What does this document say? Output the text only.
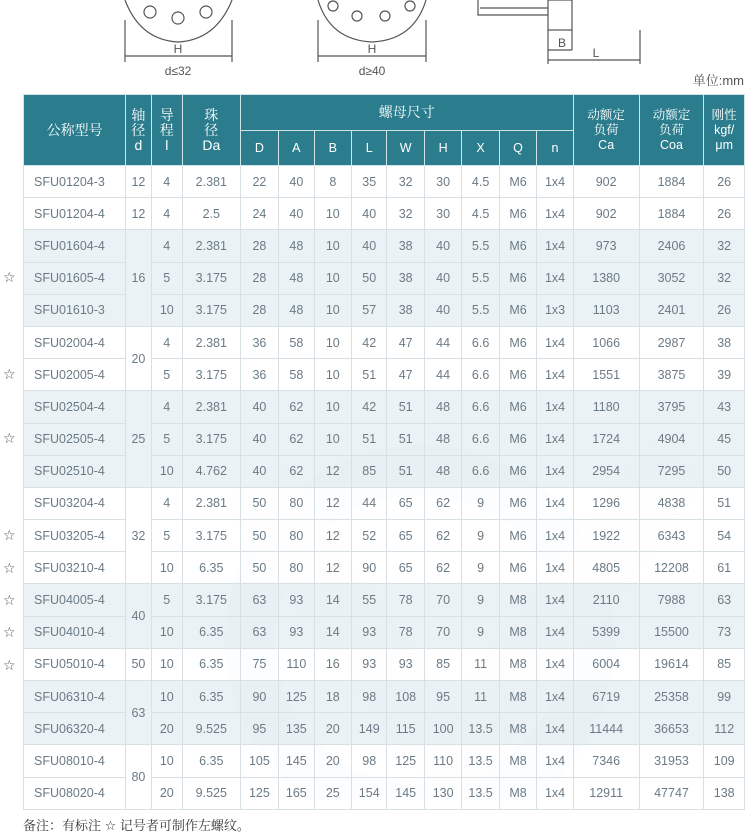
H
d≤32
H
d≥40
B
L
单位:mm
☆
☆
☆
☆
☆
☆
☆
☆
公称型号	轴
径
d	导
程
l	珠
径
Da	螺母尺寸									动额定
负荷
Ca	动额定
负荷
Coa	刚性
kgf/
μm
				D	A	B	L	W	H	X	Q	n			
SFU01204-3	12	4	2.381	22	40	8	35	32	30	4.5	M6	1x4	902	1884	26
SFU01204-4	12	4	2.5	24	40	10	40	32	30	4.5	M6	1x4	902	1884	26
SFU01604-4	16	4	2.381	28	48	10	40	38	40	5.5	M6	1x4	973	2406	32
SFU01605-4		5	3.175	28	48	10	50	38	40	5.5	M6	1x4	1380	3052	32
SFU01610-3		10	3.175	28	48	10	57	38	40	5.5	M6	1x3	1103	2401	26
SFU02004-4	20	4	2.381	36	58	10	42	47	44	6.6	M6	1x4	1066	2987	38
SFU02005-4		5	3.175	36	58	10	51	47	44	6.6	M6	1x4	1551	3875	39
SFU02504-4	25	4	2.381	40	62	10	42	51	48	6.6	M6	1x4	1180	3795	43
SFU02505-4		5	3.175	40	62	10	51	51	48	6.6	M6	1x4	1724	4904	45
SFU02510-4		10	4.762	40	62	12	85	51	48	6.6	M6	1x4	2954	7295	50
SFU03204-4	32	4	2.381	50	80	12	44	65	62	9	M6	1x4	1296	4838	51
SFU03205-4		5	3.175	50	80	12	52	65	62	9	M6	1x4	1922	6343	54
SFU03210-4		10	6.35	50	80	12	90	65	62	9	M6	1x4	4805	12208	61
SFU04005-4	40	5	3.175	63	93	14	55	78	70	9	M8	1x4	2110	7988	63
SFU04010-4		10	6.35	63	93	14	93	78	70	9	M8	1x4	5399	15500	73
SFU05010-4	50	10	6.35	75	110	16	93	93	85	11	M8	1x4	6004	19614	85
SFU06310-4	63	10	6.35	90	125	18	98	108	95	11	M8	1x4	6719	25358	99
SFU06320-4		20	9.525	95	135	20	149	115	100	13.5	M8	1x4	11444	36653	112
SFU08010-4	80	10	6.35	105	145	20	98	125	110	13.5	M8	1x4	7346	31953	109
SFU08020-4		20	9.525	125	165	25	154	145	130	13.5	M8	1x4	12911	47747	138
备注：有标注 ☆ 记号者可制作左螺纹。
